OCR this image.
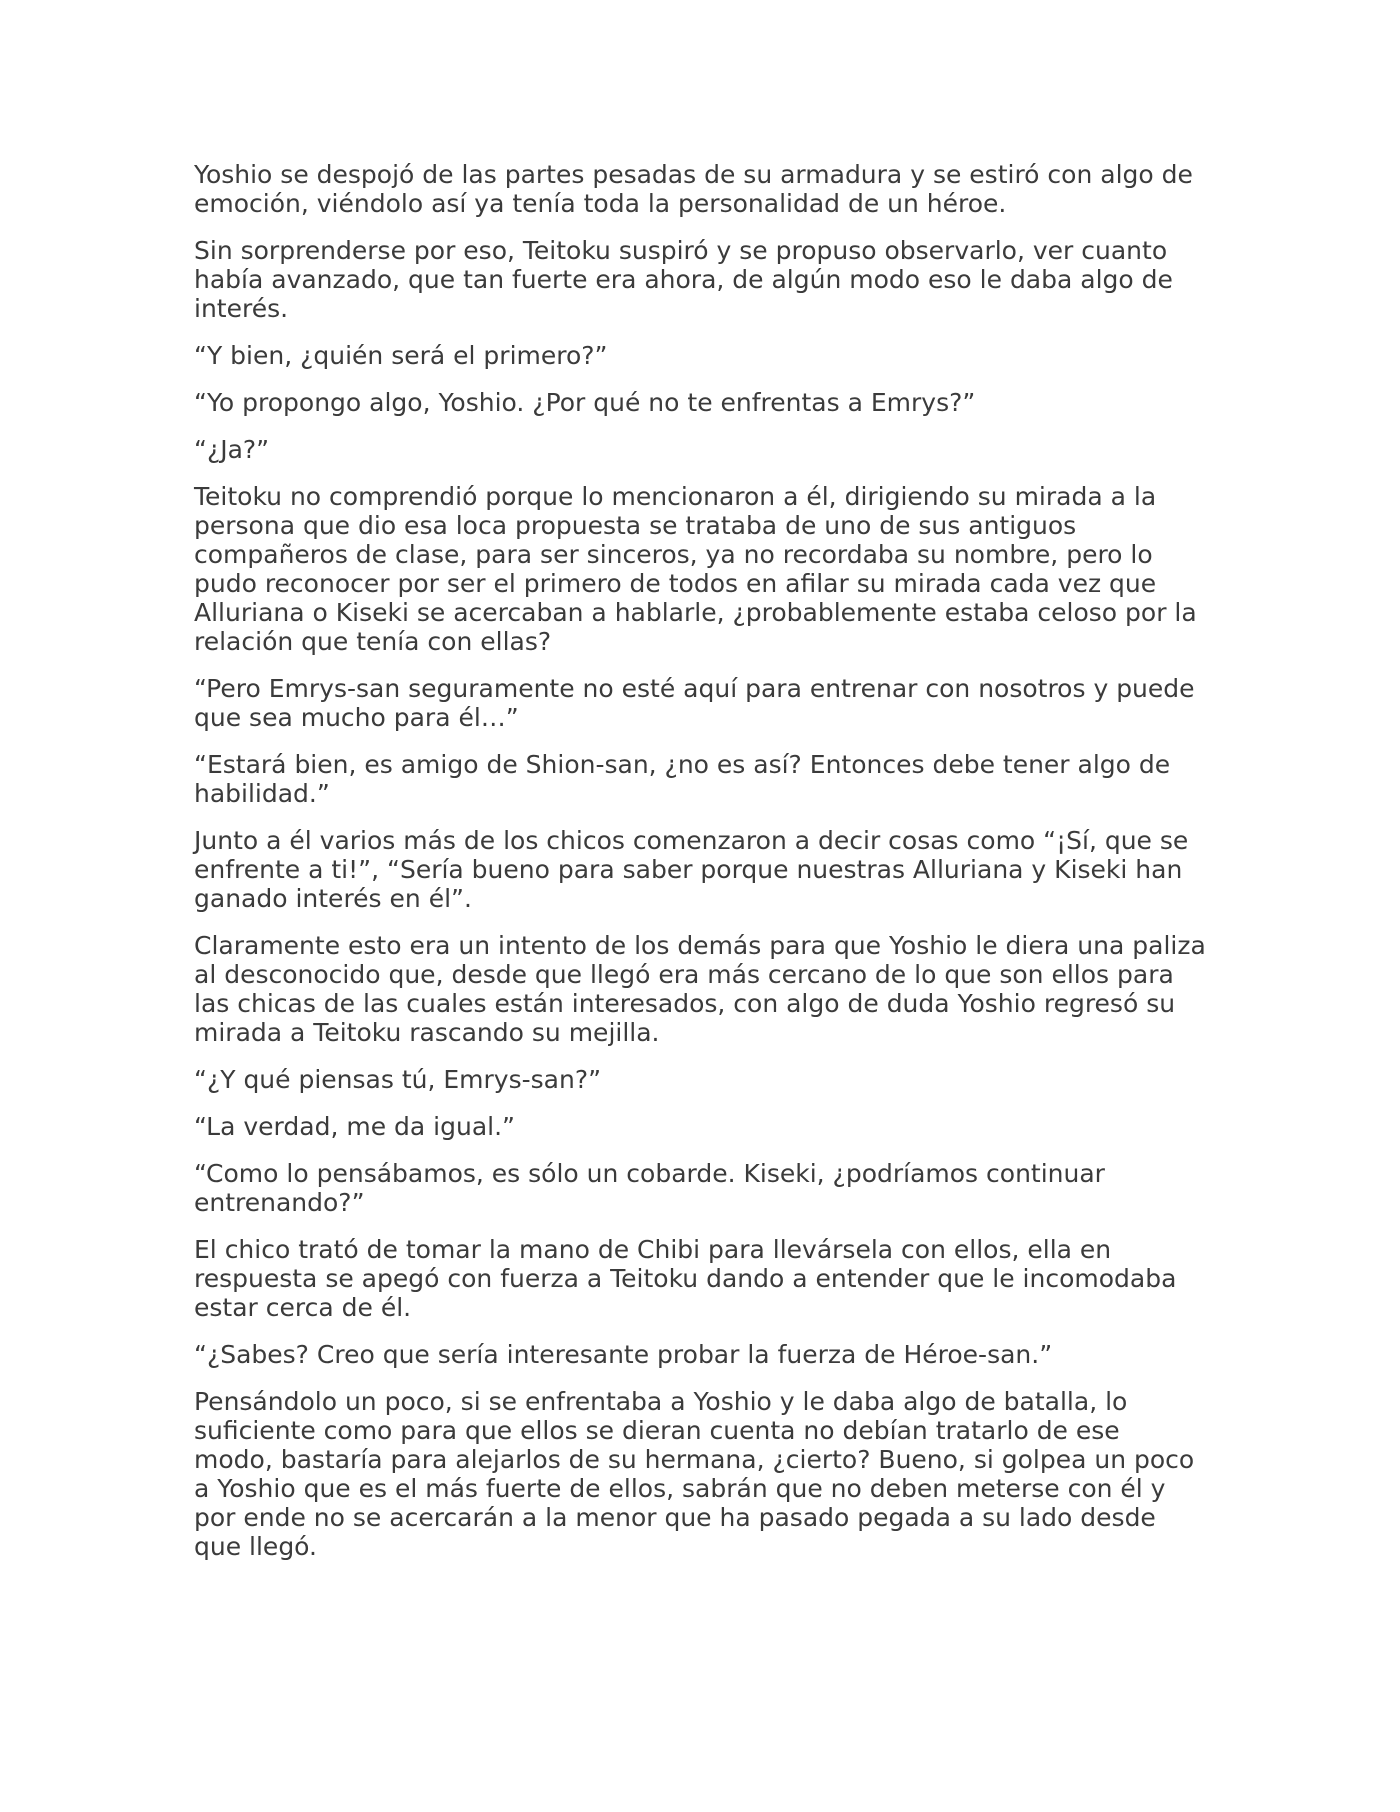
Yoshio se despojó de las partes pesadas de su armadura y se estiró con algo de emoción, viéndolo así ya tenía toda la personalidad de un héroe.

Sin sorprenderse por eso, Teitoku suspiró y se propuso observarlo, ver cuanto había avanzado, que tan fuerte era ahora, de algún modo eso le daba algo de interés.

“Y bien, ¿quién será el primero?”

“Yo propongo algo, Yoshio. ¿Por qué no te enfrentas a Emrys?”

“¿Ja?”

Teitoku no comprendió porque lo mencionaron a él, dirigiendo su mirada a la persona que dio esa loca propuesta se trataba de uno de sus antiguos compañeros de clase, para ser sinceros, ya no recordaba su nombre, pero lo pudo reconocer por ser el primero de todos en afilar su mirada cada vez que Alluriana o Kiseki se acercaban a hablarle, ¿probablemente estaba celoso por la relación que tenía con ellas?

“Pero Emrys-san seguramente no esté aquí para entrenar con nosotros y puede que sea mucho para él…”

“Estará bien, es amigo de Shion-san, ¿no es así? Entonces debe tener algo de habilidad.”

Junto a él varios más de los chicos comenzaron a decir cosas como “¡Sí, que se enfrente a ti!”, “Sería bueno para saber porque nuestras Alluriana y Kiseki han ganado interés en él”.

Claramente esto era un intento de los demás para que Yoshio le diera una paliza al desconocido que, desde que llegó era más cercano de lo que son ellos para las chicas de las cuales están interesados, con algo de duda Yoshio regresó su mirada a Teitoku rascando su mejilla.

“¿Y qué piensas tú, Emrys-san?”

“La verdad, me da igual.”

“Como lo pensábamos, es sólo un cobarde. Kiseki, ¿podríamos continuar entrenando?”

El chico trató de tomar la mano de Chibi para llevársela con ellos, ella en respuesta se apegó con fuerza a Teitoku dando a entender que le incomodaba estar cerca de él.

“¿Sabes? Creo que sería interesante probar la fuerza de Héroe-san.”

Pensándolo un poco, si se enfrentaba a Yoshio y le daba algo de batalla, lo suficiente como para que ellos se dieran cuenta no debían tratarlo de ese modo, bastaría para alejarlos de su hermana, ¿cierto? Bueno, si golpea un poco a Yoshio que es el más fuerte de ellos, sabrán que no deben meterse con él y por ende no se acercarán a la menor que ha pasado pegada a su lado desde que llegó.
